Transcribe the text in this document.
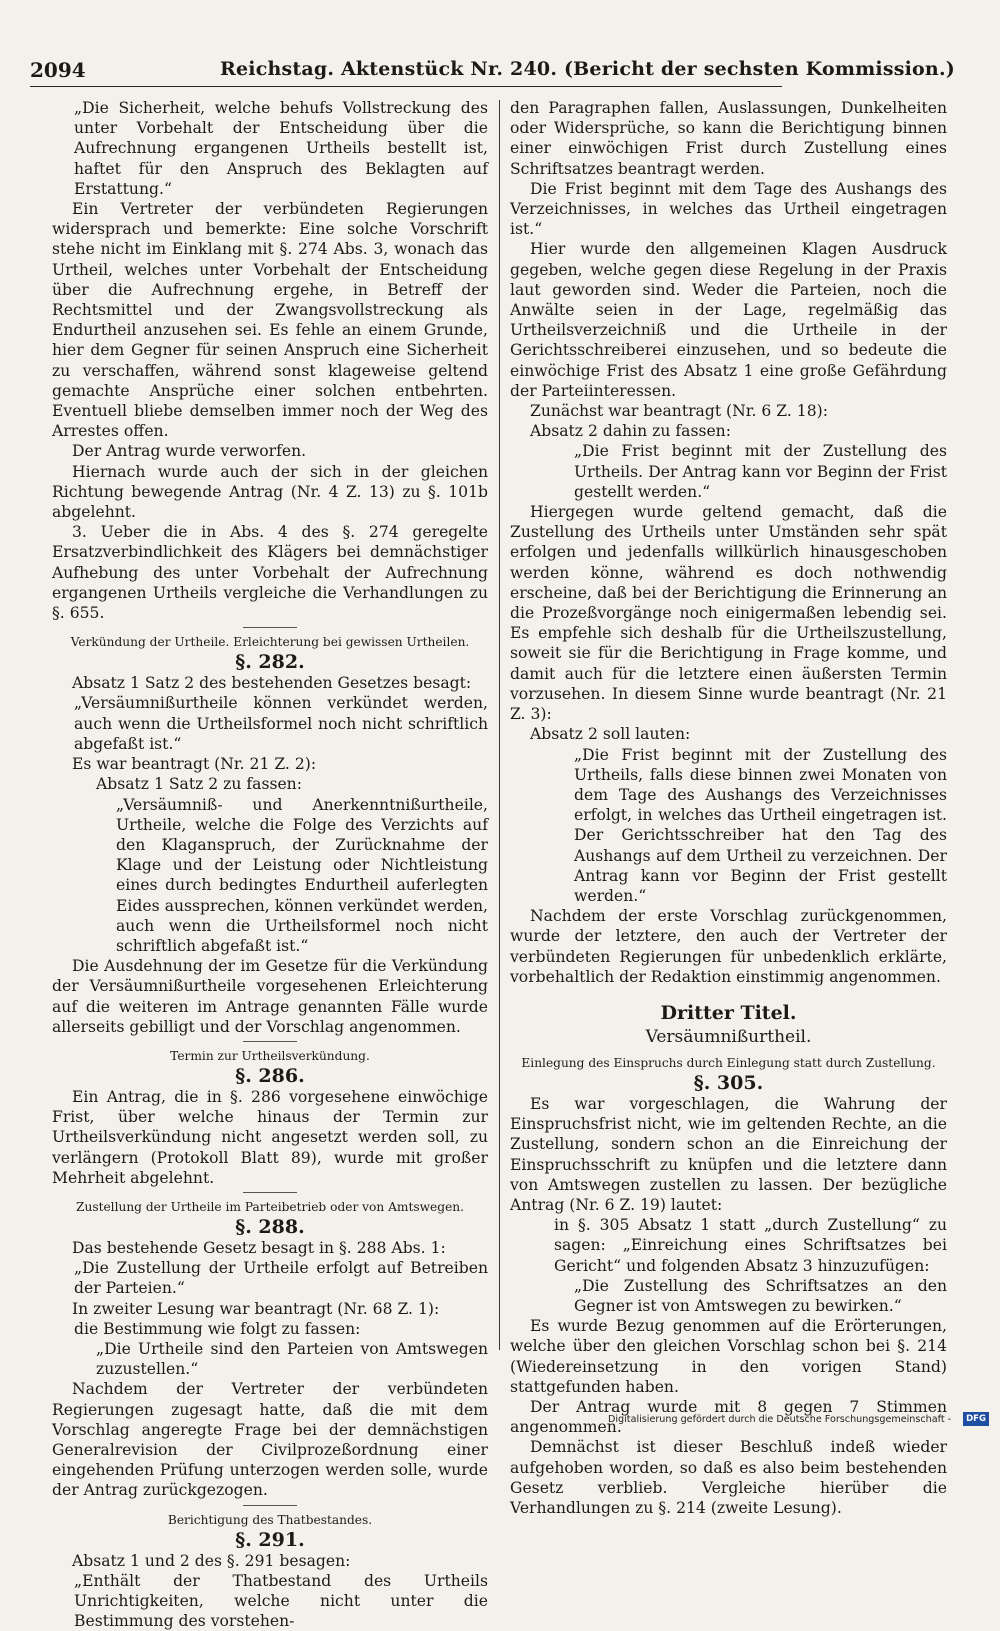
2094	Reichstag. Aktenstück Nr. 240. (Bericht der sechsten Kommission.)

„Die Sicherheit, welche behufs Vollstreckung des unter Vorbehalt der Entscheidung über die Aufrechnung ergangenen Urtheils bestellt ist, haftet für den Anspruch des Beklagten auf Erstattung.“

Ein Vertreter der verbündeten Regierungen widersprach und bemerkte: Eine solche Vorschrift stehe nicht im Einklang mit §. 274 Abs. 3, wonach das Urtheil, welches unter Vorbehalt der Entscheidung über die Aufrechnung ergehe, in Betreff der Rechtsmittel und der Zwangsvollstreckung als Endurtheil anzusehen sei. Es fehle an einem Grunde, hier dem Gegner für seinen Anspruch eine Sicherheit zu verschaffen, während sonst klageweise geltend gemachte Ansprüche einer solchen entbehrten. Eventuell bliebe demselben immer noch der Weg des Arrestes offen.

Der Antrag wurde verworfen.

Hiernach wurde auch der sich in der gleichen Richtung bewegende Antrag (Nr. 4 Z. 13) zu §. 101b abgelehnt.

3. Ueber die in Abs. 4 des §. 274 geregelte Ersatzverbindlichkeit des Klägers bei demnächstiger Aufhebung des unter Vorbehalt der Aufrechnung ergangenen Urtheils vergleiche die Verhandlungen zu §. 655.

Verkündung der Urtheile. Erleichterung bei gewissen Urtheilen.

§. 282.

Absatz 1 Satz 2 des bestehenden Gesetzes besagt:

„Versäumnißurtheile können verkündet werden, auch wenn die Urtheilsformel noch nicht schriftlich abgefaßt ist.“

Es war beantragt (Nr. 21 Z. 2):

Absatz 1 Satz 2 zu fassen:

„Versäumniß- und Anerkenntnißurtheile, Urtheile, welche die Folge des Verzichts auf den Klaganspruch, der Zurücknahme der Klage und der Leistung oder Nichtleistung eines durch bedingtes Endurtheil auferlegten Eides aussprechen, können verkündet werden, auch wenn die Urtheilsformel noch nicht schriftlich abgefaßt ist.“

Die Ausdehnung der im Gesetze für die Verkündung der Versäumnißurtheile vorgesehenen Erleichterung auf die weiteren im Antrage genannten Fälle wurde allerseits gebilligt und der Vorschlag angenommen.

Termin zur Urtheilsverkündung.

§. 286.

Ein Antrag, die in §. 286 vorgesehene einwöchige Frist, über welche hinaus der Termin zur Urtheilsverkündung nicht angesetzt werden soll, zu verlängern (Protokoll Blatt 89), wurde mit großer Mehrheit abgelehnt.

Zustellung der Urtheile im Parteibetrieb oder von Amtswegen.

§. 288.

Das bestehende Gesetz besagt in §. 288 Abs. 1:

„Die Zustellung der Urtheile erfolgt auf Betreiben der Parteien.“

In zweiter Lesung war beantragt (Nr. 68 Z. 1):

die Bestimmung wie folgt zu fassen:

„Die Urtheile sind den Parteien von Amtswegen zuzustellen.“

Nachdem der Vertreter der verbündeten Regierungen zugesagt hatte, daß die mit dem Vorschlag angeregte Frage bei der demnächstigen Generalrevision der Civilprozeßordnung einer eingehenden Prüfung unterzogen werden solle, wurde der Antrag zurückgezogen.

Berichtigung des Thatbestandes.

§. 291.

Absatz 1 und 2 des §. 291 besagen:

„Enthält der Thatbestand des Urtheils Unrichtigkeiten, welche nicht unter die Bestimmung des vorstehen-

den Paragraphen fallen, Auslassungen, Dunkelheiten oder Widersprüche, so kann die Berichtigung binnen einer einwöchigen Frist durch Zustellung eines Schriftsatzes beantragt werden.

Die Frist beginnt mit dem Tage des Aushangs des Verzeichnisses, in welches das Urtheil eingetragen ist.“

Hier wurde den allgemeinen Klagen Ausdruck gegeben, welche gegen diese Regelung in der Praxis laut geworden sind. Weder die Parteien, noch die Anwälte seien in der Lage, regelmäßig das Urtheilsverzeichniß und die Urtheile in der Gerichtsschreiberei einzusehen, und so bedeute die einwöchige Frist des Absatz 1 eine große Gefährdung der Parteiinteressen.

Zunächst war beantragt (Nr. 6 Z. 18):

Absatz 2 dahin zu fassen:

„Die Frist beginnt mit der Zustellung des Urtheils. Der Antrag kann vor Beginn der Frist gestellt werden.“

Hiergegen wurde geltend gemacht, daß die Zustellung des Urtheils unter Umständen sehr spät erfolgen und jedenfalls willkürlich hinausgeschoben werden könne, während es doch nothwendig erscheine, daß bei der Berichtigung die Erinnerung an die Prozeßvorgänge noch einigermaßen lebendig sei. Es empfehle sich deshalb für die Urtheilszustellung, soweit sie für die Berichtigung in Frage komme, und damit auch für die letztere einen äußersten Termin vorzusehen. In diesem Sinne wurde beantragt (Nr. 21 Z. 3):

Absatz 2 soll lauten:

„Die Frist beginnt mit der Zustellung des Urtheils, falls diese binnen zwei Monaten von dem Tage des Aushangs des Verzeichnisses erfolgt, in welches das Urtheil eingetragen ist. Der Gerichtsschreiber hat den Tag des Aushangs auf dem Urtheil zu verzeichnen. Der Antrag kann vor Beginn der Frist gestellt werden.“

Nachdem der erste Vorschlag zurückgenommen, wurde der letztere, den auch der Vertreter der verbündeten Regierungen für unbedenklich erklärte, vorbehaltlich der Redaktion einstimmig angenommen.

Dritter Titel.

Versäumnißurtheil.

Einlegung des Einspruchs durch Einlegung statt durch Zustellung.

§. 305.

Es war vorgeschlagen, die Wahrung der Einspruchsfrist nicht, wie im geltenden Rechte, an die Zustellung, sondern schon an die Einreichung der Einspruchsschrift zu knüpfen und die letztere dann von Amtswegen zustellen zu lassen. Der bezügliche Antrag (Nr. 6 Z. 19) lautet:

in §. 305 Absatz 1 statt „durch Zustellung“ zu sagen: „Einreichung eines Schriftsatzes bei Gericht“ und folgenden Absatz 3 hinzuzufügen:

„Die Zustellung des Schriftsatzes an den Gegner ist von Amtswegen zu bewirken.“

Es wurde Bezug genommen auf die Erörterungen, welche über den gleichen Vorschlag schon bei §. 214 (Wiedereinsetzung in den vorigen Stand) stattgefunden haben.

Der Antrag wurde mit 8 gegen 7 Stimmen angenommen.

Demnächst ist dieser Beschluß indeß wieder aufgehoben worden, so daß es also beim bestehenden Gesetz verblieb. Vergleiche hierüber die Verhandlungen zu §. 214 (zweite Lesung).

Digitalisierung gefördert durch die Deutsche Forschungsgemeinschaft -	DFG
